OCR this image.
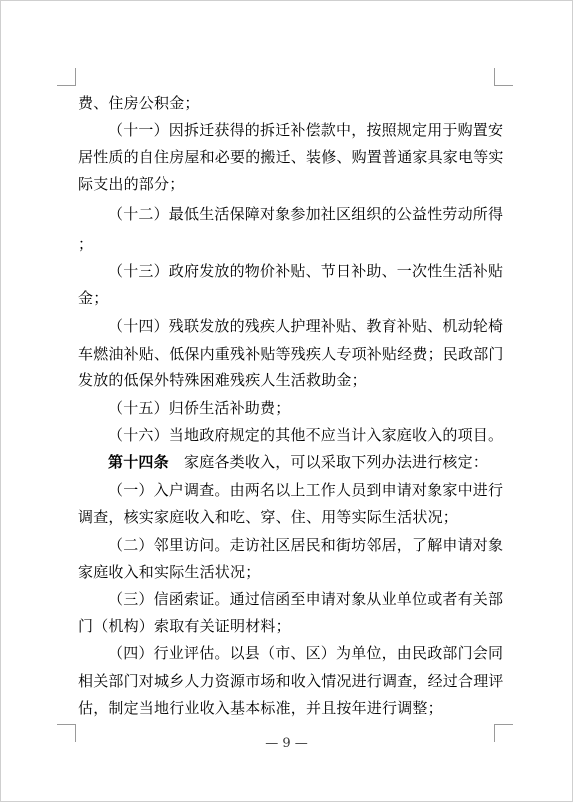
费、住房公积金；
（十一）因拆迁获得的拆迁补偿款中，按照规定用于购置安
居性质的自住房屋和必要的搬迁、装修、购置普通家具家电等实
际支出的部分；
（十二）最低生活保障对象参加社区组织的公益性劳动所得
；
（十三）政府发放的物价补贴、节日补助、一次性生活补贴
金；
（十四）残联发放的残疾人护理补贴、教育补贴、机动轮椅
车燃油补贴、低保内重残补贴等残疾人专项补贴经费；民政部门
发放的低保外特殊困难残疾人生活救助金；
（十五）归侨生活补助费；
（十六）当地政府规定的其他不应当计入家庭收入的项目。
第十四条　 家庭各类收入，可以采取下列办法进行核定：
（一）入户调查。由两名以上工作人员到申请对象家中进行
调查，核实家庭收入和吃、穿、住、用等实际生活状况；
（二）邻里访问。走访社区居民和街坊邻居，了解申请对象
家庭收入和实际生活状况；
（三）信函索证。通过信函至申请对象从业单位或者有关部
门（机构）索取有关证明材料；
（四）行业评估。以县（市、区）为单位，由民政部门会同
相关部门对城乡人力资源市场和收入情况进行调查，经过合理评
估，制定当地行业收入基本标准，并且按年进行调整；
— 9 —
